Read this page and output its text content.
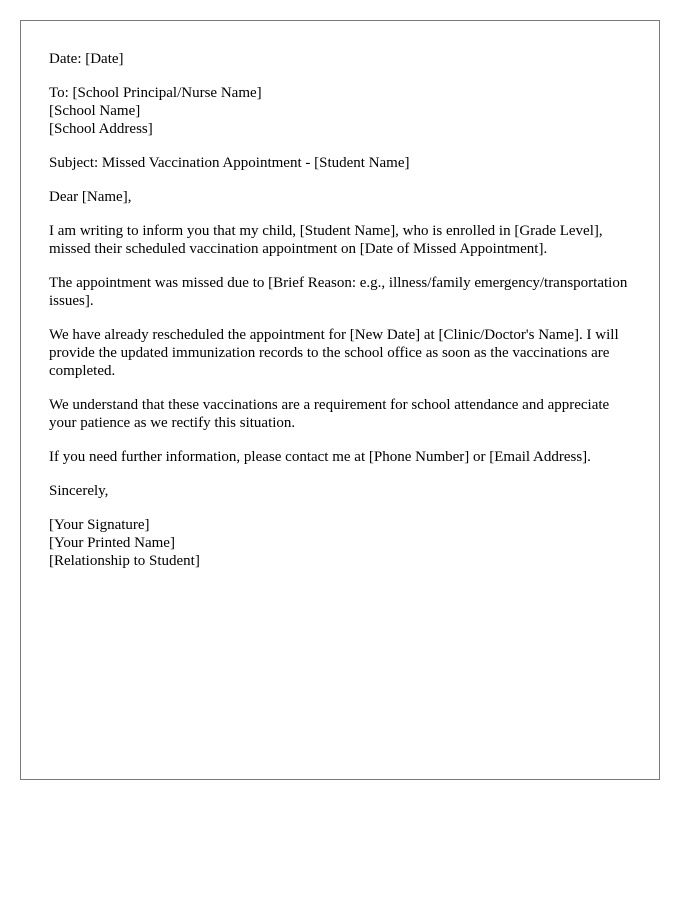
Date: [Date]

To: [School Principal/Nurse Name]
[School Name]
[School Address]

Subject: Missed Vaccination Appointment - [Student Name]

Dear [Name],

I am writing to inform you that my child, [Student Name], who is enrolled in [Grade Level], missed their scheduled vaccination appointment on [Date of Missed Appointment].

The appointment was missed due to [Brief Reason: e.g., illness/family emergency/transportation issues].

We have already rescheduled the appointment for [New Date] at [Clinic/Doctor's Name]. I will provide the updated immunization records to the school office as soon as the vaccinations are completed.

We understand that these vaccinations are a requirement for school attendance and appreciate your patience as we rectify this situation.

If you need further information, please contact me at [Phone Number] or [Email Address].

Sincerely,

[Your Signature]
[Your Printed Name]
[Relationship to Student]
